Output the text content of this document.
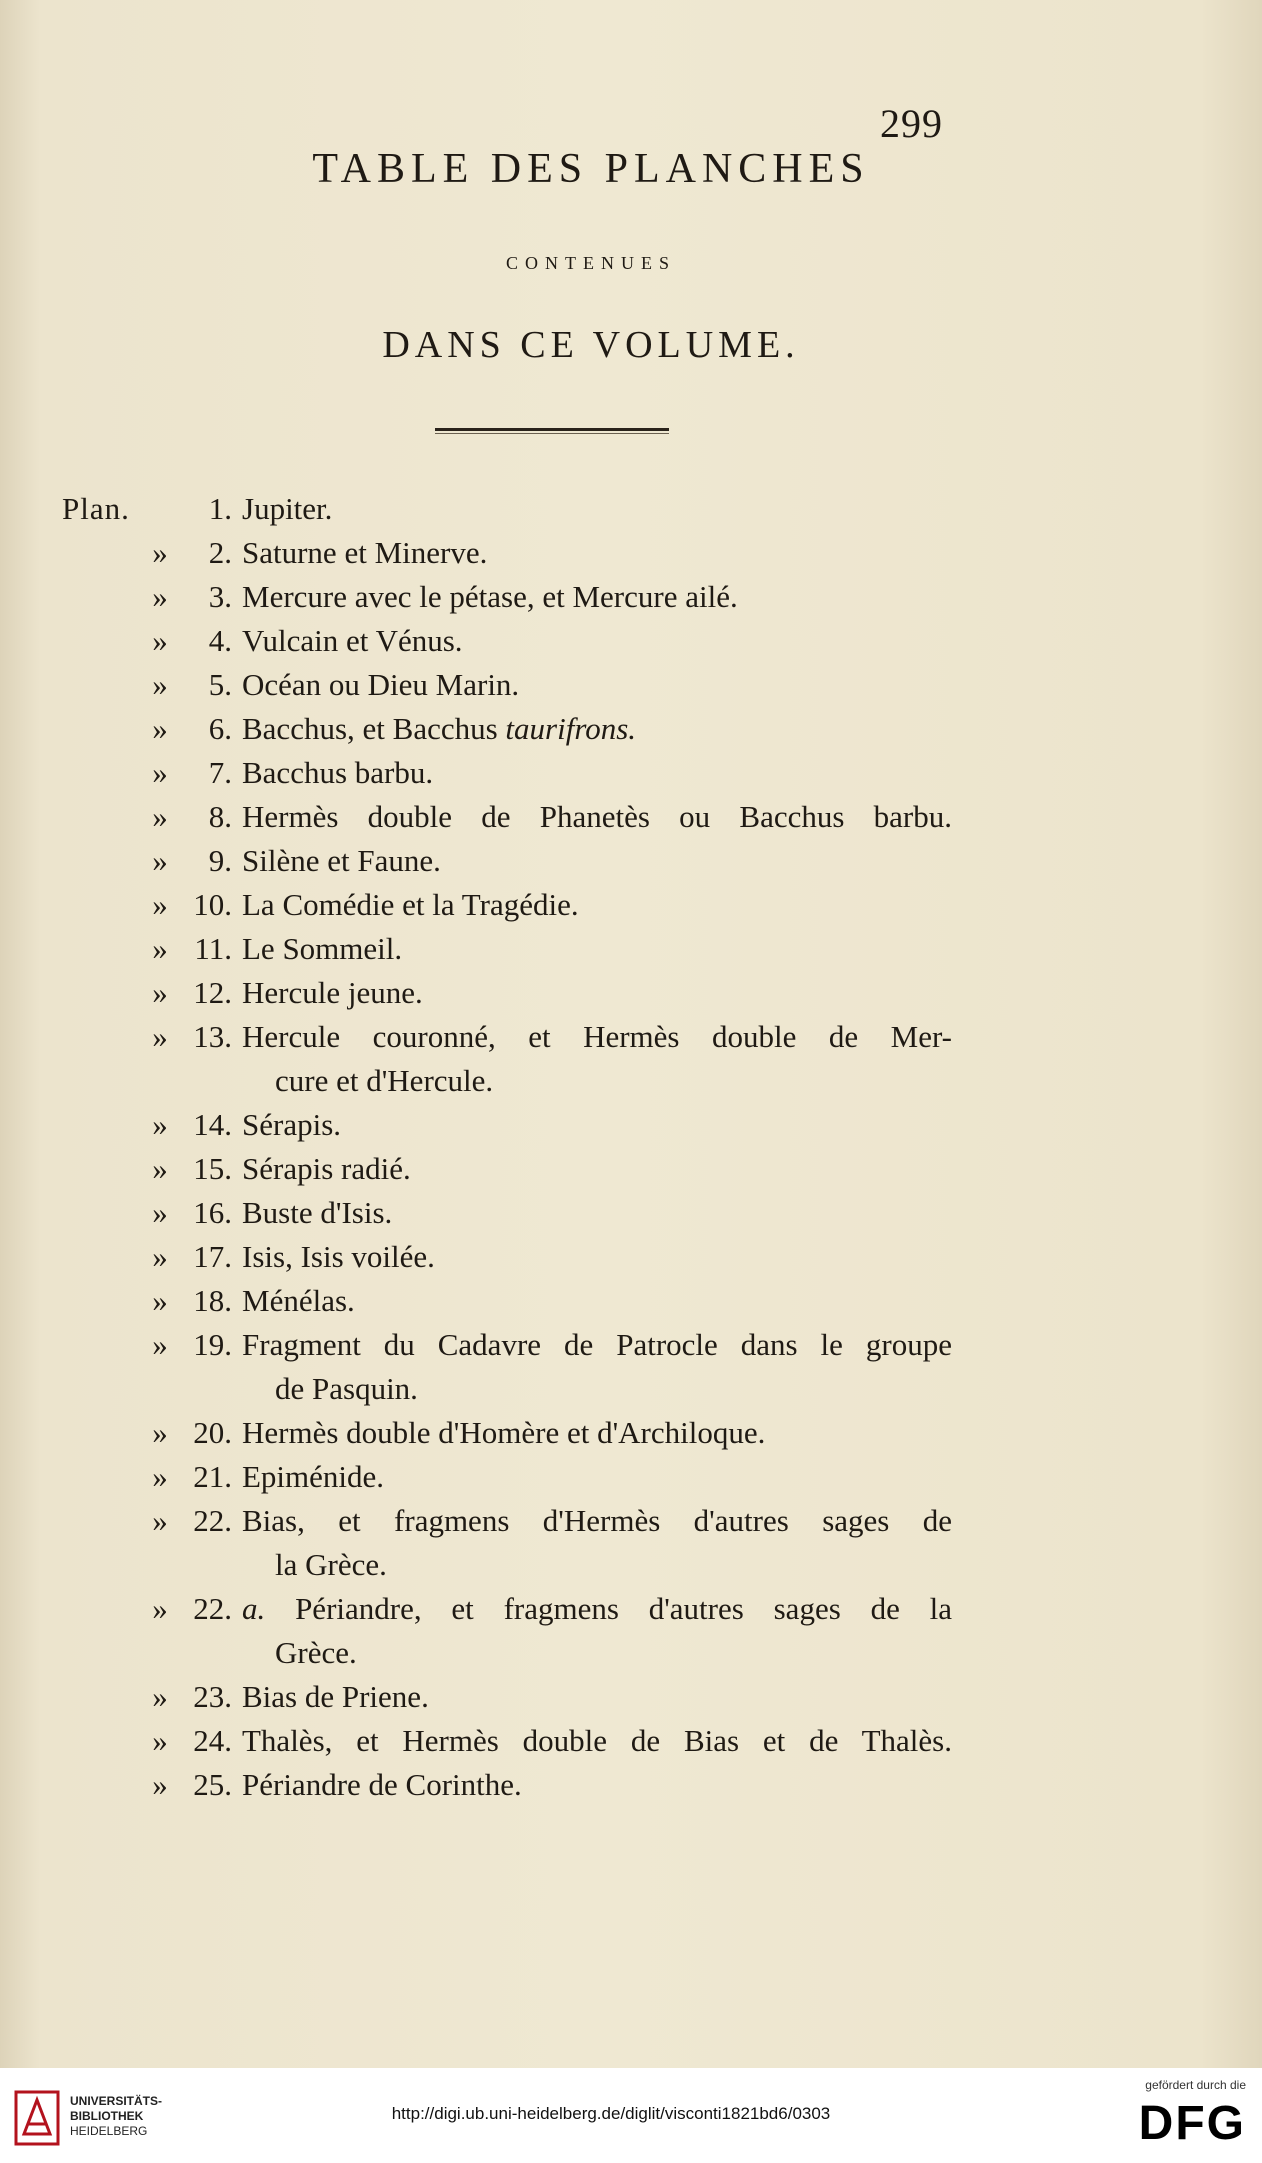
299
TABLE DES PLANCHES
CONTENUES
DANS CE VOLUME.
Plan.	1. Jupiter.
»	2. Saturne et Minerve.
»	3. Mercure avec le pétase, et Mercure ailé.
»	4. Vulcain et Vénus.
»	5. Océan ou Dieu Marin.
»	6. Bacchus, et Bacchus taurifrons.
»	7. Bacchus barbu.
»	8. Hermès double de Phanetès ou Bacchus barbu.
»	9. Silène et Faune.
» 10. La Comédie et la Tragédie.
» 11. Le Sommeil.
» 12. Hercule jeune.
» 13. Hercule couronné, et Hermès double de Mer-
cure et d'Hercule.
» 14. Sérapis.
» 15. Sérapis radié.
» 16. Buste d'Isis.
» 17. Isis, Isis voilée.
» 18. Ménélas.
» 19. Fragment du Cadavre de Patrocle dans le groupe
de Pasquin.
» 20. Hermès double d'Homère et d'Archiloque.
» 21. Epiménide.
» 22. Bias, et fragmens d'Hermès d'autres sages de
la Grèce.
» 22. a. Périandre, et fragmens d'autres sages de la
Grèce.
» 23. Bias de Priene.
» 24. Thalès, et Hermès double de Bias et de Thalès.
» 25. Périandre de Corinthe.
UNIVERSITÄTS-
BIBLIOTHEK
HEIDELBERG
http://digi.ub.uni-heidelberg.de/diglit/visconti1821bd6/0303
gefördert durch die
DFG
